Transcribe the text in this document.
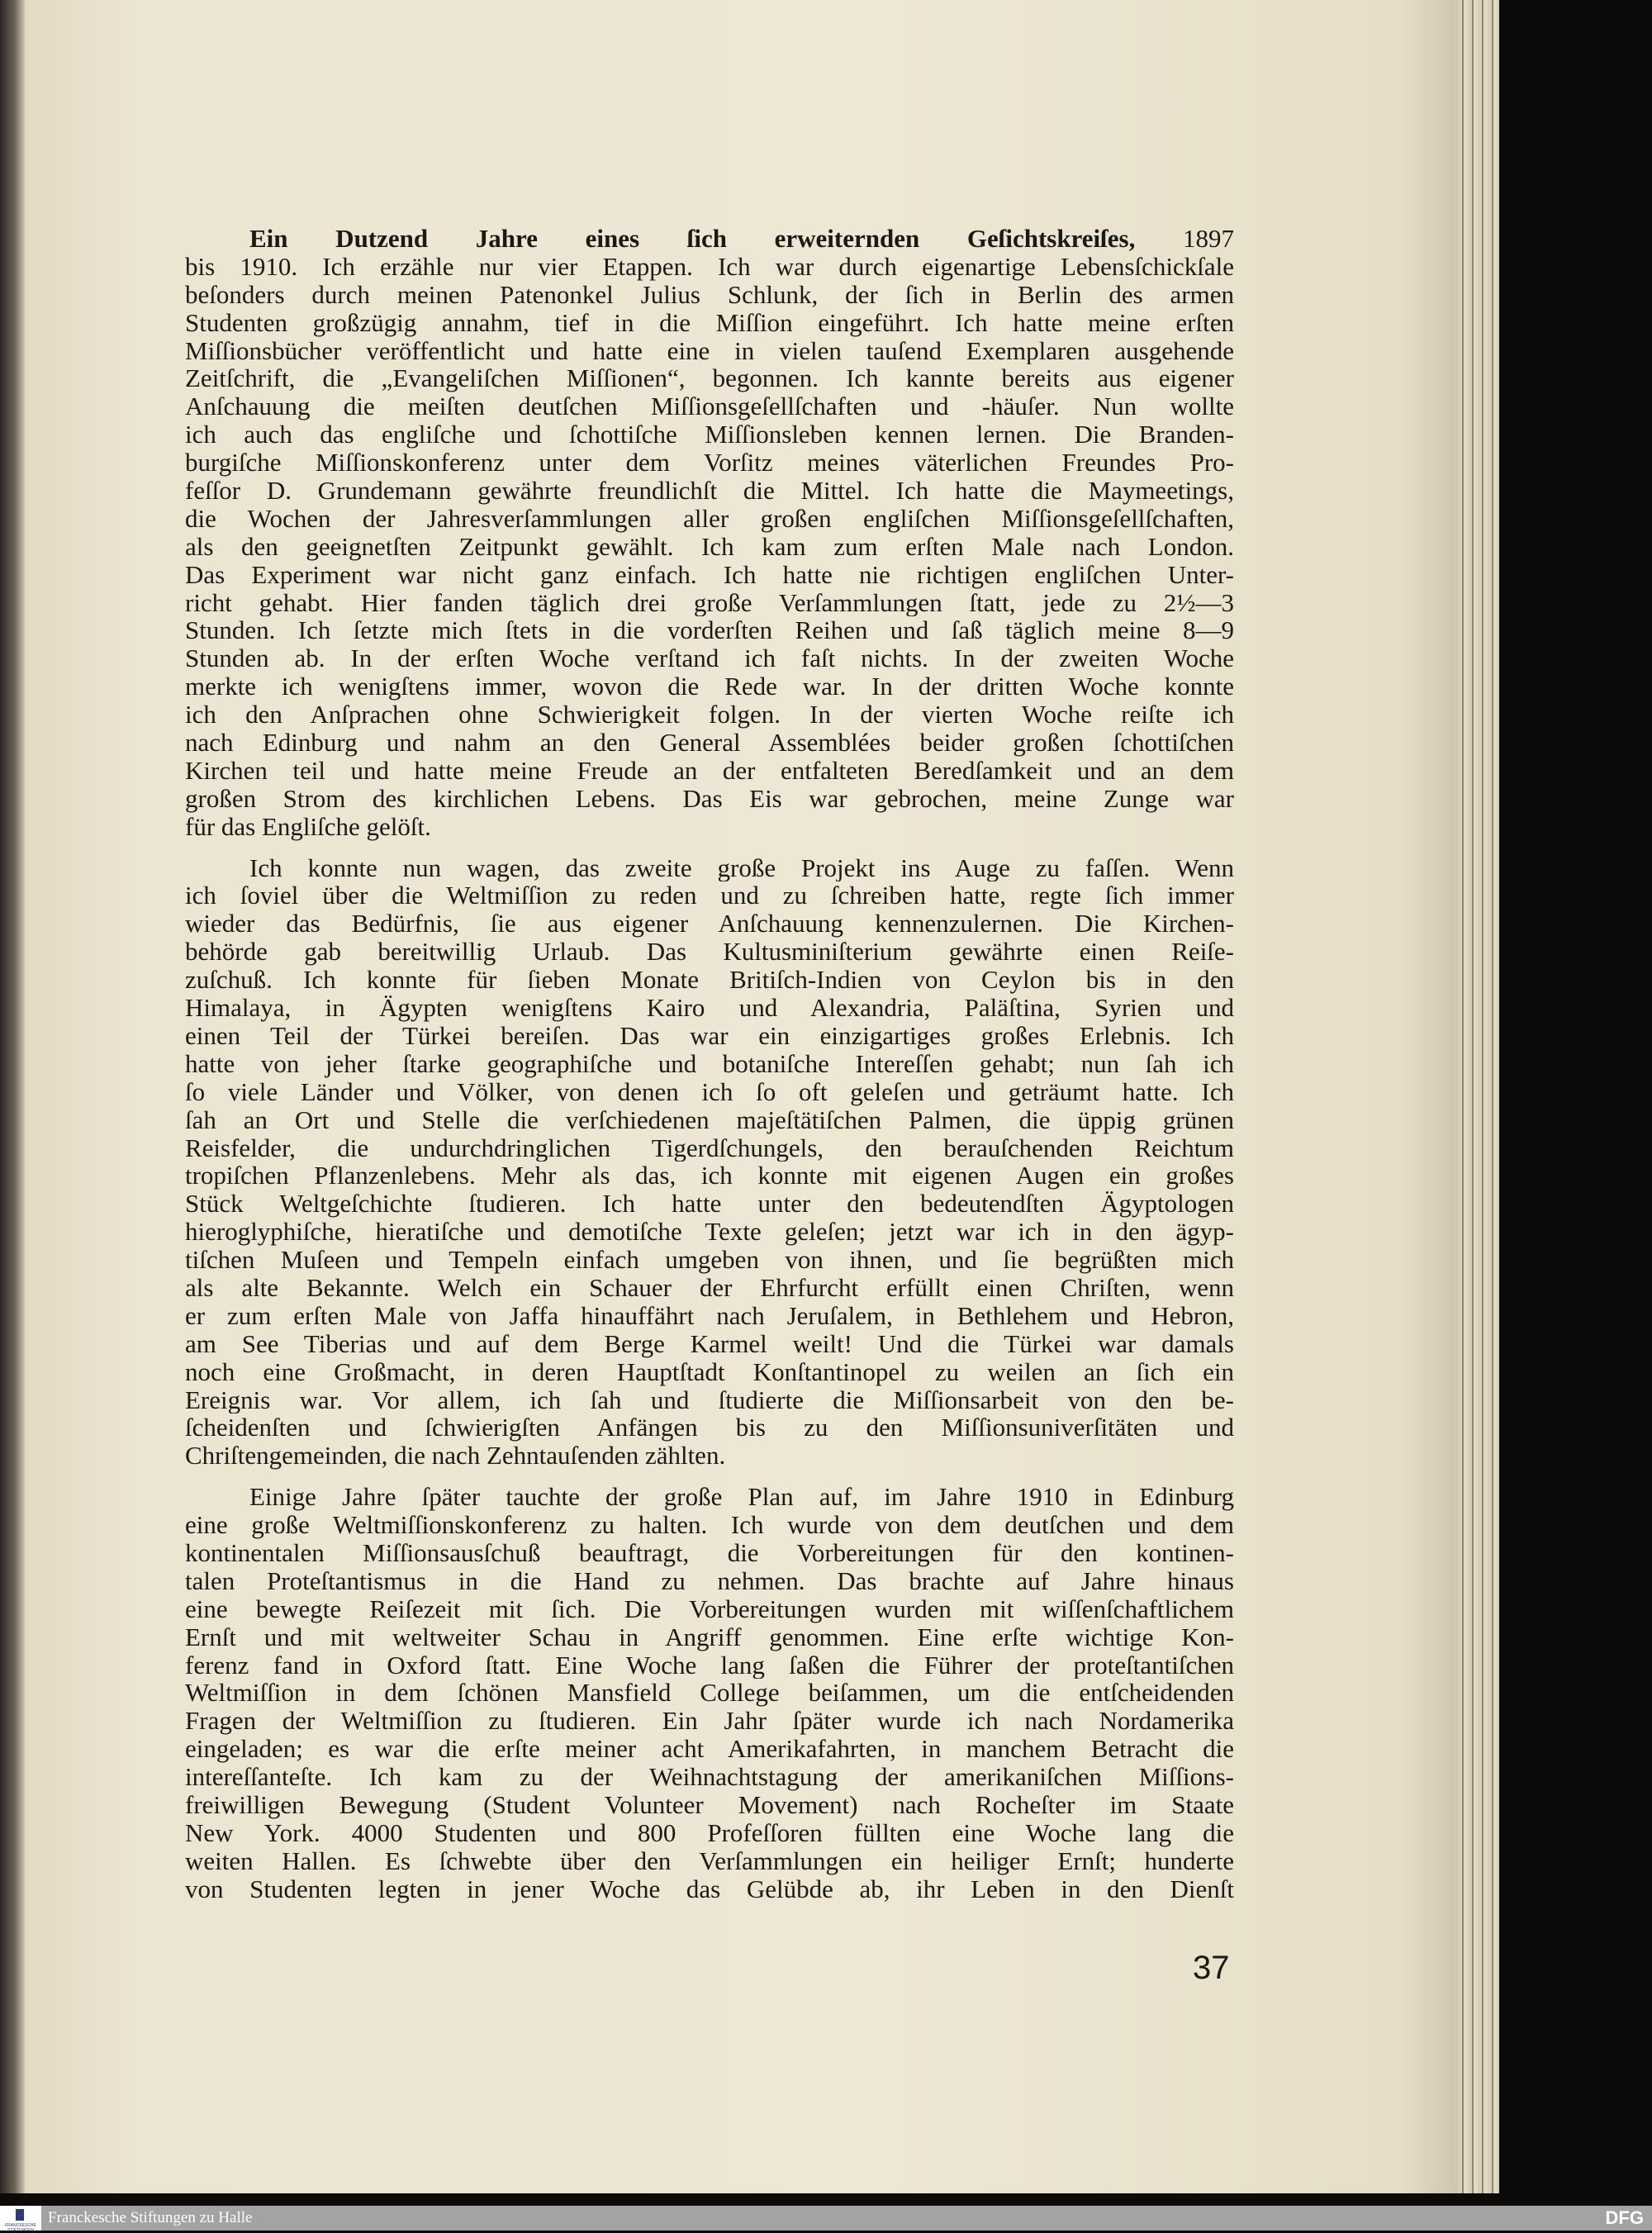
Ein Dutzend Jahre eines ſich erweiternden Geſichtskreiſes, 1897
bis 1910. Ich erzähle nur vier Etappen. Ich war durch eigenartige Lebensſchickſale
beſonders durch meinen Patenonkel Julius Schlunk, der ſich in Berlin des armen
Studenten großzügig annahm, tief in die Miſſion eingeführt. Ich hatte meine erſten
Miſſionsbücher veröffentlicht und hatte eine in vielen tauſend Exemplaren ausgehende
Zeitſchrift, die „Evangeliſchen Miſſionen“, begonnen. Ich kannte bereits aus eigener
Anſchauung die meiſten deutſchen Miſſionsgeſellſchaften und -häuſer. Nun wollte
ich auch das engliſche und ſchottiſche Miſſionsleben kennen lernen. Die Branden-
burgiſche Miſſionskonferenz unter dem Vorſitz meines väterlichen Freundes Pro-
feſſor D. Grundemann gewährte freundlichſt die Mittel. Ich hatte die Maymeetings,
die Wochen der Jahresverſammlungen aller großen engliſchen Miſſionsgeſellſchaften,
als den geeignetſten Zeitpunkt gewählt. Ich kam zum erſten Male nach London.
Das Experiment war nicht ganz einfach. Ich hatte nie richtigen engliſchen Unter-
richt gehabt. Hier fanden täglich drei große Verſammlungen ſtatt, jede zu 2½—3
Stunden. Ich ſetzte mich ſtets in die vorderſten Reihen und ſaß täglich meine 8—9
Stunden ab. In der erſten Woche verſtand ich faſt nichts. In der zweiten Woche
merkte ich wenigſtens immer, wovon die Rede war. In der dritten Woche konnte
ich den Anſprachen ohne Schwierigkeit folgen. In der vierten Woche reiſte ich
nach Edinburg und nahm an den General Assemblées beider großen ſchottiſchen
Kirchen teil und hatte meine Freude an der entfalteten Beredſamkeit und an dem
großen Strom des kirchlichen Lebens. Das Eis war gebrochen, meine Zunge war
für das Engliſche gelöſt.
Ich konnte nun wagen, das zweite große Projekt ins Auge zu faſſen. Wenn
ich ſoviel über die Weltmiſſion zu reden und zu ſchreiben hatte, regte ſich immer
wieder das Bedürfnis, ſie aus eigener Anſchauung kennenzulernen. Die Kirchen-
behörde gab bereitwillig Urlaub. Das Kultusminiſterium gewährte einen Reiſe-
zuſchuß. Ich konnte für ſieben Monate Britiſch-Indien von Ceylon bis in den
Himalaya, in Ägypten wenigſtens Kairo und Alexandria, Paläſtina, Syrien und
einen Teil der Türkei bereiſen. Das war ein einzigartiges großes Erlebnis. Ich
hatte von jeher ſtarke geographiſche und botaniſche Intereſſen gehabt; nun ſah ich
ſo viele Länder und Völker, von denen ich ſo oft geleſen und geträumt hatte. Ich
ſah an Ort und Stelle die verſchiedenen majeſtätiſchen Palmen, die üppig grünen
Reisfelder, die undurchdringlichen Tigerdſchungels, den berauſchenden Reichtum
tropiſchen Pflanzenlebens. Mehr als das, ich konnte mit eigenen Augen ein großes
Stück Weltgeſchichte ſtudieren. Ich hatte unter den bedeutendſten Ägyptologen
hieroglyphiſche, hieratiſche und demotiſche Texte geleſen; jetzt war ich in den ägyp-
tiſchen Muſeen und Tempeln einfach umgeben von ihnen, und ſie begrüßten mich
als alte Bekannte. Welch ein Schauer der Ehrfurcht erfüllt einen Chriſten, wenn
er zum erſten Male von Jaffa hinauffährt nach Jeruſalem, in Bethlehem und Hebron,
am See Tiberias und auf dem Berge Karmel weilt! Und die Türkei war damals
noch eine Großmacht, in deren Hauptſtadt Konſtantinopel zu weilen an ſich ein
Ereignis war. Vor allem, ich ſah und ſtudierte die Miſſionsarbeit von den be-
ſcheidenſten und ſchwierigſten Anfängen bis zu den Miſſionsuniverſitäten und
Chriſtengemeinden, die nach Zehntauſenden zählten.
Einige Jahre ſpäter tauchte der große Plan auf, im Jahre 1910 in Edinburg
eine große Weltmiſſionskonferenz zu halten. Ich wurde von dem deutſchen und dem
kontinentalen Miſſionsausſchuß beauftragt, die Vorbereitungen für den kontinen-
talen Proteſtantismus in die Hand zu nehmen. Das brachte auf Jahre hinaus
eine bewegte Reiſezeit mit ſich. Die Vorbereitungen wurden mit wiſſenſchaftlichem
Ernſt und mit weltweiter Schau in Angriff genommen. Eine erſte wichtige Kon-
ferenz fand in Oxford ſtatt. Eine Woche lang ſaßen die Führer der proteſtantiſchen
Weltmiſſion in dem ſchönen Mansfield College beiſammen, um die entſcheidenden
Fragen der Weltmiſſion zu ſtudieren. Ein Jahr ſpäter wurde ich nach Nordamerika
eingeladen; es war die erſte meiner acht Amerikafahrten, in manchem Betracht die
intereſſanteſte. Ich kam zu der Weihnachtstagung der amerikaniſchen Miſſions-
freiwilligen Bewegung (Student Volunteer Movement) nach Rocheſter im Staate
New York. 4000 Studenten und 800 Profeſſoren füllten eine Woche lang die
weiten Hallen. Es ſchwebte über den Verſammlungen ein heiliger Ernſt; hunderte
von Studenten legten in jener Woche das Gelübde ab, ihr Leben in den Dienſt
37
FRANCKESCHE STIFTUNGEN
Franckesche Stiftungen zu Halle	DFG
